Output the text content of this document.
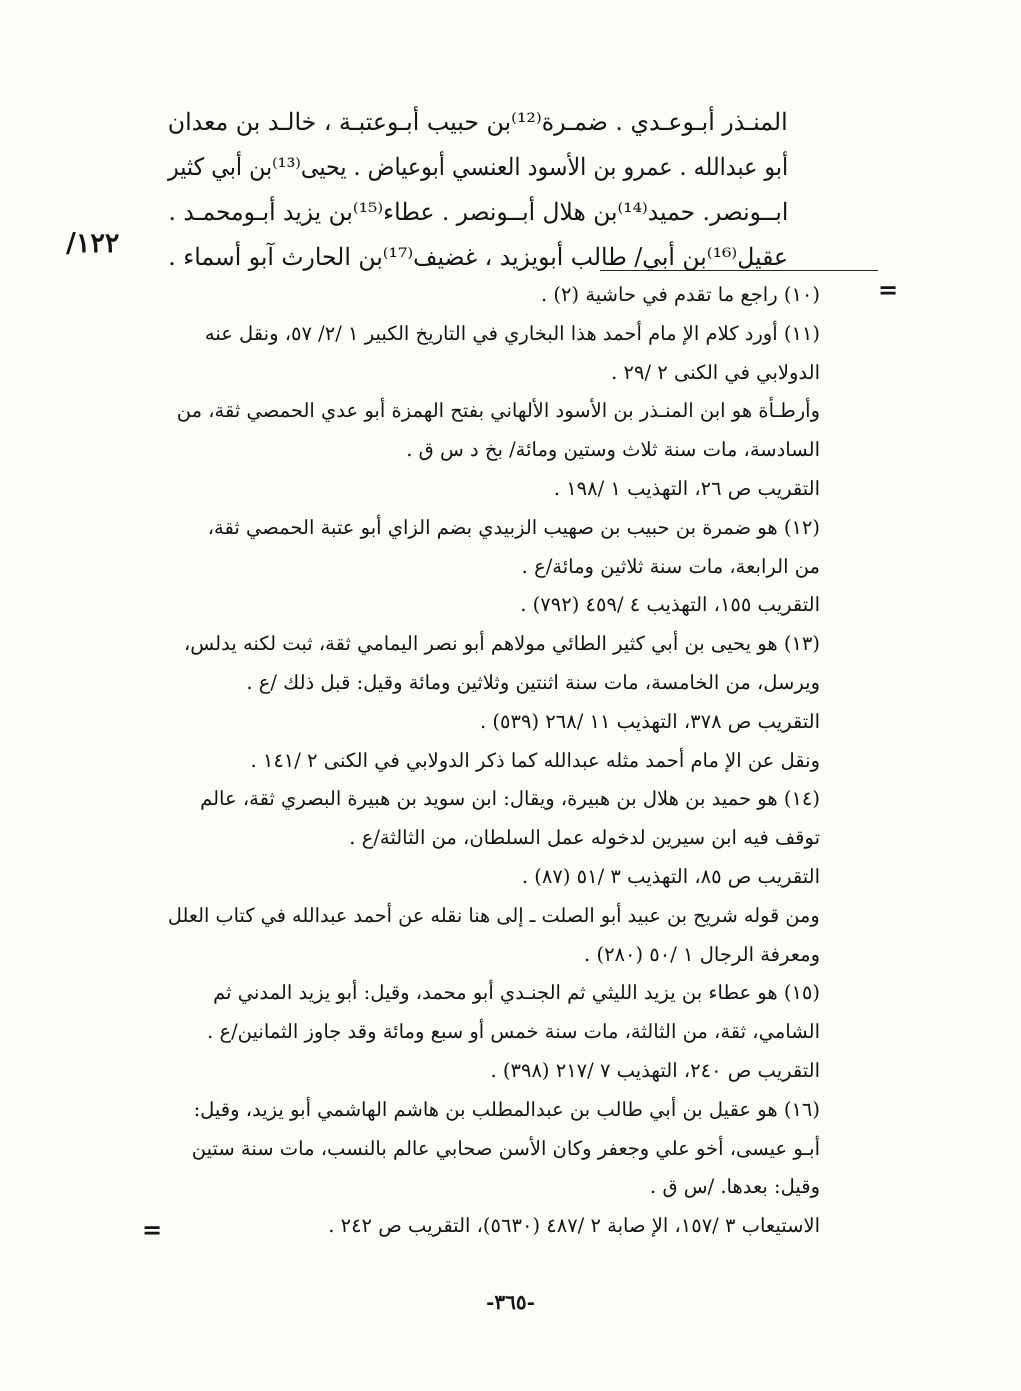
المنـذر أبـوعـدي . ضمـرة⁽¹²⁾بن حبيب أبـوعتبـة ، خالـد بن معدان

أبو عبدالله . عمرو بن الأسود العنسي أبوعياض . يحيى⁽¹³⁾بن أبي كثير

ابــونصر. حميد⁽¹⁴⁾بن هلال أبــونصر . عطاء⁽¹⁵⁾بن يزيد أبـومحمـد .

عقيل⁽¹⁶⁾بن أبي/ طالب أبويزيد ، غضيف⁽¹⁷⁾بن الحارث آبو أسماء .

١٢٢/
=

(١٠) راجع ما تقدم في حاشية (٢) .

(١١) أورد كلام الإ مام أحمد هذا البخاري في التاريخ الكبير ١ /٢/ ٥٧، ونقل عنه

الدولابي في الكنى ٢ /٢٩ .

وأرطـأة هو ابن المنـذر بن الأسود الألهاني بفتح الهمزة أبو عدي الحمصي ثقة، من

السادسة، مات سنة ثلاث وستين ومائة/ بخ د س ق .

التقريب ص ٢٦، التهذيب ١ /١٩٨ .

(١٢) هو ضمرة بن حبيب بن صهيب الزبيدي بضم الزاي أبو عتبة الحمصي ثقة،

من الرابعة، مات سنة ثلاثين ومائة/ع .

التقريب ١٥٥، التهذيب ٤ /٤٥٩ (٧٩٢) .

(١٣) هو يحيى بن أبي كثير الطائي مولاهم أبو نصر اليمامي ثقة، ثبت لكنه يدلس،

ويرسل، من الخامسة، مات سنة اثنتين وثلاثين ومائة وقيل: قبل ذلك /ع .

التقريب ص ٣٧٨، التهذيب ١١ /٢٦٨ (٥٣٩) .

ونقل عن الإ مام أحمد مثله عبدالله كما ذكر الدولابي في الكنى ٢ /١٤١ .

(١٤) هو حميد بن هلال بن هبيرة، ويقال: ابن سويد بن هبيرة البصري ثقة، عالم

توقف فيه ابن سيرين لدخوله عمل السلطان، من الثالثة/ع .

التقريب ص ٨٥، التهذيب ٣ /٥١ (٨٧) .

ومن قوله شريح بن عبيد أبو الصلت ـ إلى هنا نقله عن أحمد عبدالله في كتاب العلل

ومعرفة الرجال ١ /٥٠ (٢٨٠) .

(١٥) هو عطاء بن يزيد الليثي ثم الجنـدي أبو محمد، وقيل: أبو يزيد المدني ثم

الشامي، ثقة، من الثالثة، مات سنة خمس أو سبع ومائة وقد جاوز الثمانين/ع .

التقريب ص ٢٤٠، التهذيب ٧ /٢١٧ (٣٩٨) .

(١٦) هو عقيل بن أبي طالب بن عبدالمطلب بن هاشم الهاشمي أبو يزيد، وقيل:

أبـو عيسى، أخو علي وجعفر وكان الأسن صحابي عالم بالنسب، مات سنة ستين

وقيل: بعدها. /س ق .

الاستيعاب ٣ /١٥٧، الإ صابة ٢ /٤٨٧ (٥٦٣٠)، التقريب ص ٢٤٢ .

=
-٣٦٥-
